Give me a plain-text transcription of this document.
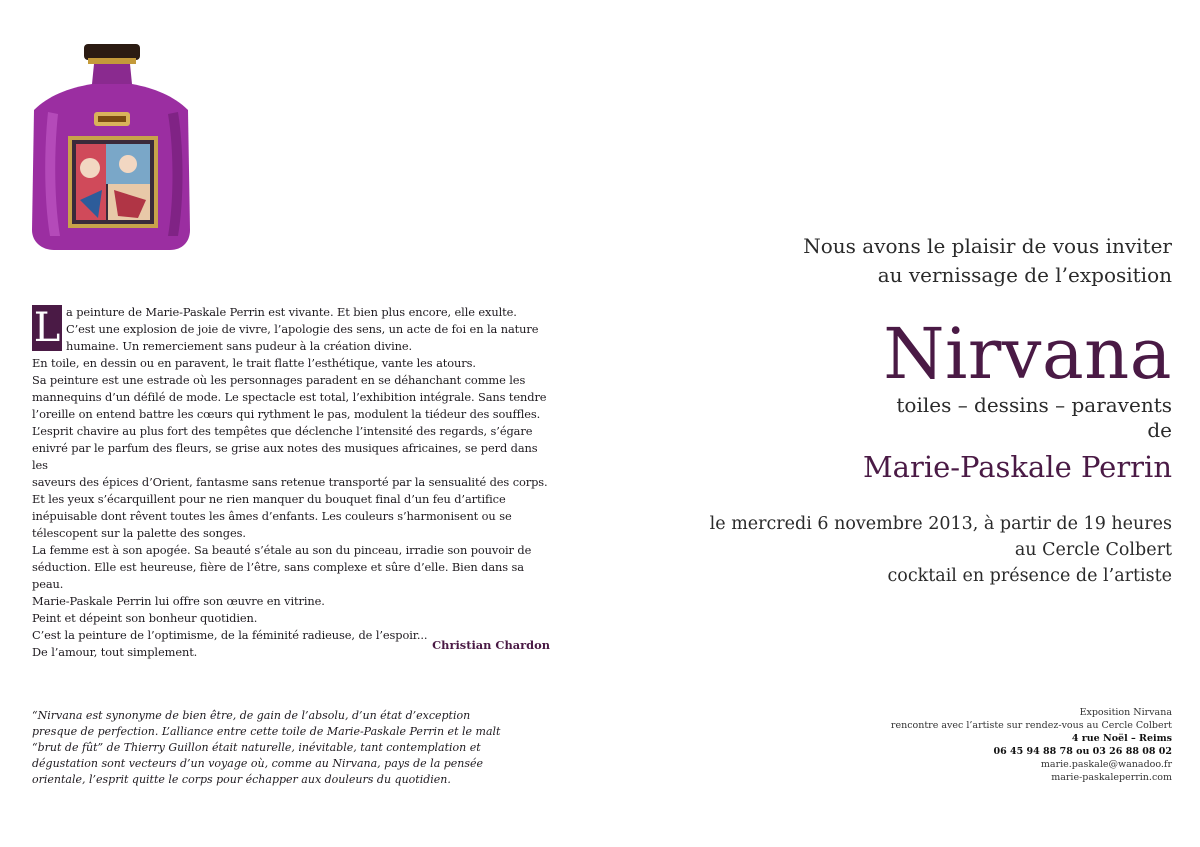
L a peinture de Marie-Paskale Perrin est vivante. Et bien plus encore, elle exulte.

C’est une explosion de joie de vivre, l’apologie des sens, un acte de foi en la nature

humaine. Un remerciement sans pudeur à la création divine.

En toile, en dessin ou en paravent, le trait flatte l’esthétique, vante les atours.

Sa peinture est une estrade où les personnages paradent en se déhanchant comme les

mannequins d’un défilé de mode. Le spectacle est total, l’exhibition intégrale. Sans tendre

l’oreille on entend battre les cœurs qui rythment le pas, modulent la tiédeur des souffles.

L’esprit chavire au plus fort des tempêtes que déclenche l’intensité des regards, s’égare

enivré par le parfum des fleurs, se grise aux notes des musiques africaines, se perd dans les

saveurs des épices d’Orient, fantasme sans retenue transporté par la sensualité des corps.

Et les yeux s’écarquillent pour ne rien manquer du bouquet final d’un feu d’artifice

inépuisable dont rêvent toutes les âmes d’enfants. Les couleurs s’harmonisent ou se

télescopent sur la palette des songes.

La femme est à son apogée. Sa beauté s’étale au son du pinceau, irradie son pouvoir de

séduction. Elle est heureuse, fière de l’être, sans complexe et sûre d’elle. Bien dans sa peau.

Marie-Paskale Perrin lui offre son œuvre en vitrine.

Peint et dépeint son bonheur quotidien.

C’est la peinture de l’optimisme, de la féminité radieuse, de l’espoir...

De l’amour, tout simplement.	Christian Chardon

“Nirvana est synonyme de bien être, de gain de l’absolu, d’un état d’exception

presque de perfection. L’alliance entre cette toile de Marie-Paskale Perrin et le malt

“brut de fût” de Thierry Guillon était naturelle, inévitable, tant contemplation et

dégustation sont vecteurs d’un voyage où, comme au Nirvana, pays de la pensée

orientale, l’esprit quitte le corps pour échapper aux douleurs du quotidien.

Nous avons le plaisir de vous inviter

au vernissage de l’exposition

Nirvana

toiles – dessins – paravents

de

Marie-Paskale Perrin

le mercredi 6 novembre 2013, à partir de 19 heures

au Cercle Colbert

cocktail en présence de l’artiste

Exposition Nirvana

rencontre avec l’artiste sur rendez-vous au Cercle Colbert

4 rue Noël – Reims

06 45 94 88 78 ou 03 26 88 08 02

marie.paskale@wanadoo.fr

marie-paskaleperrin.com
